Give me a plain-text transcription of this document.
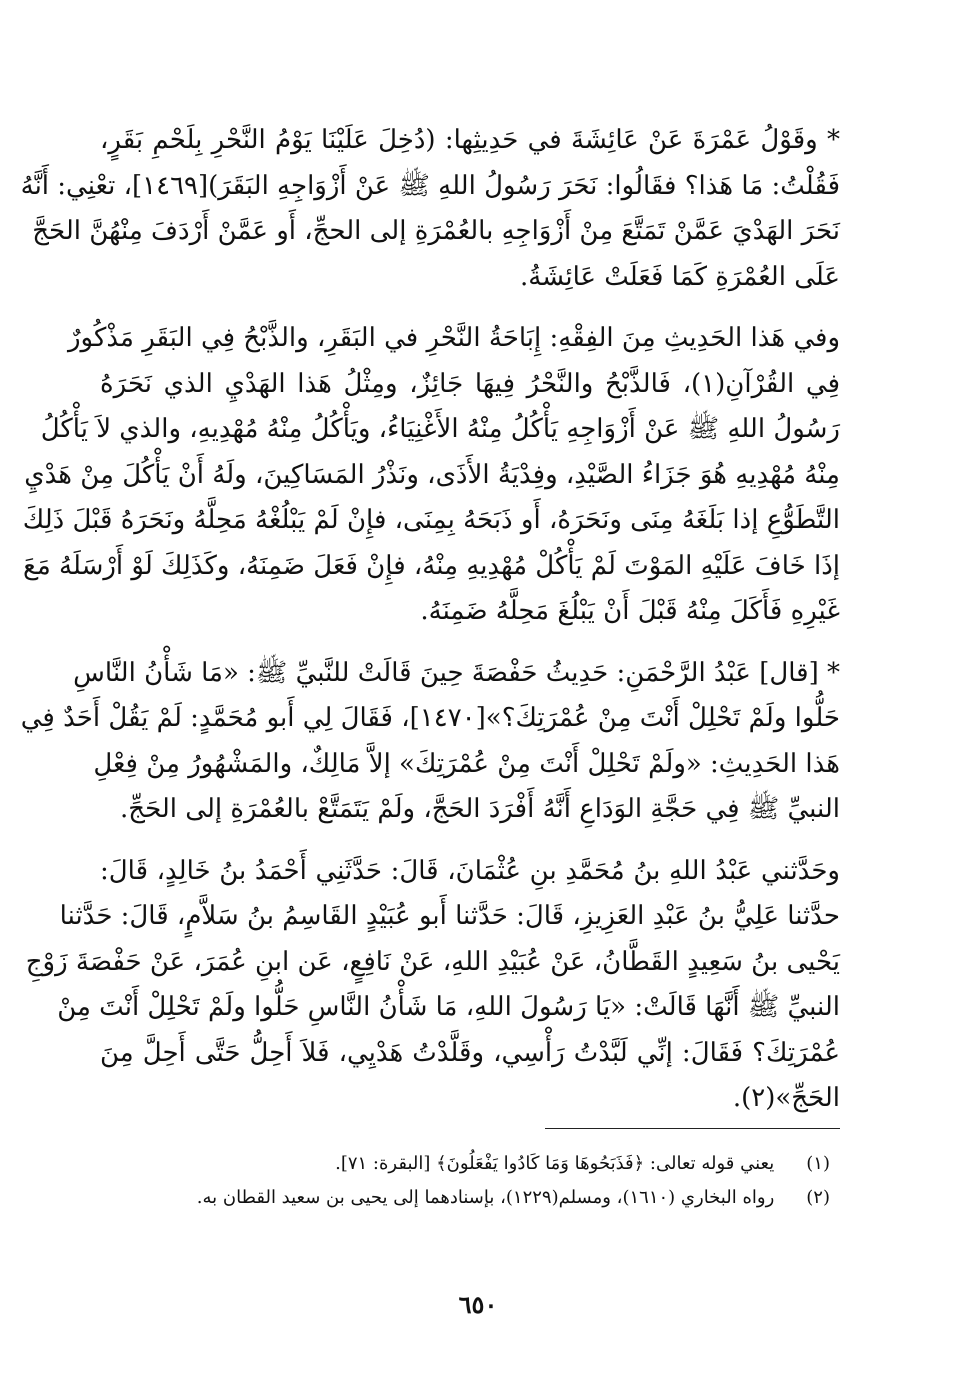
* وقَوْلُ عَمْرَةَ عَنْ عَائِشَةَ في حَدِيثِها: (دُخِلَ عَلَيْنَا يَوْمُ النَّحْرِ بِلَحْمِ بَقَرٍ،
فَقُلْتُ: مَا هَذا؟ فقَالُوا: نَحَرَ رَسُولُ اللهِ ﷺ عَنْ أَزْوَاجِهِ البَقَرَ)[١٤٦٩]، تعْنِي: أَنَّهُ
نَحَرَ الهَدْيَ عَمَّنْ تَمَتَّعَ مِنْ أَزْوَاجِهِ بالعُمْرَةِ إلى الحجِّ، أَو عَمَّنْ أَرْدَفَ مِنْهُنَّ الحَجَّ
عَلَى العُمْرَةِ كَمَا فَعَلَتْ عَائِشَةُ.

وفي هَذا الحَدِيثِ مِنَ الفِقْهِ: إِبَاحَةُ النَّحْرِ في البَقَرِ، والذَّبْحُ فِي البَقَرِ مَذْكُورٌ
فِي القُرْآنِ(١)، فَالذَّبْحُ والنَّحْرُ فِيهَا جَائِزٌ، ومِثْلُ هَذا الهَدْيِ الذي نَحَرَهُ
رَسُولُ اللهِ ﷺ عَنْ أَزْوَاجِهِ يَأْكُلُ مِنْهُ الأَغْنِيَاءُ، ويَأْكُلُ مِنْهُ مُهْدِيهِ، والذي لاَ يَأْكُلُ
مِنْهُ مُهْدِيهِ هُوَ جَزَاءُ الصَّيْدِ، وفِدْيَةُ الأَذَى، ونَذْرُ المَسَاكِينَ، ولَهُ أَنْ يَأْكُلَ مِنْ هَدْيِ
التَّطَوُّعِ إذا بَلَغَهُ مِنَى ونَحَرَهُ، أَو ذَبَحَهُ بِمِنَى، فإِنْ لَمْ يَبْلُغْهُ مَحِلَّهُ ونَحَرَهُ قَبْلَ ذَلِكَ
إذَا خَافَ عَلَيْهِ المَوْتَ لَمْ يَأْكُلْ مُهْدِيهِ مِنْهُ، فإِنْ فَعَلَ ضَمِنَهُ، وكَذَلِكَ لَوْ أَرْسَلَهُ مَعَ
غَيْرِهِ فَأَكَلَ مِنْهُ قَبْلَ أَنْ يَبْلُغَ مَحِلَّهُ ضَمِنَهُ.

* [قال] عَبْدُ الرَّحْمَنِ: حَدِيثُ حَفْصَةَ حِينَ قَالَتْ للنَّبيِّ ﷺ: «مَا شَأْنُ النَّاسِ
حَلُّوا ولَمْ تَحْلِلْ أَنْتَ مِنْ عُمْرَتِكَ؟»[١٤٧٠]، فَقَالَ لِي أَبو مُحَمَّدٍ: لَمْ يَقُلْ أَحَدٌ فِي
هَذا الحَدِيثِ: «ولَمْ تَحْلِلْ أَنْتَ مِنْ عُمْرَتِكَ» إلاَّ مَالِكٌ، والمَشْهُورُ مِنْ فِعْلِ
النبيِّ ﷺ فِي حَجَّةِ الوَدَاعِ أَنَّهُ أَفْرَدَ الحَجَّ، ولَمْ يَتَمَتَّعْ بالعُمْرَةِ إلى الحَجِّ.

وحَدَّثني عَبْدُ اللهِ بنُ مُحَمَّدِ بنِ عُثْمَانَ، قَالَ: حَدَّثَنِي أَحْمَدُ بنُ خَالِدٍ، قَالَ:
حدَّثنا عَلِيُّ بنُ عَبْدِ العَزِيزِ، قَالَ: حَدَّثنا أَبو عُبَيْدٍ القَاسِمُ بنُ سَلاَّمٍ، قَالَ: حَدَّثنا
يَحْيى بنُ سَعِيدٍ القَطَّانُ، عَنْ عُبَيْدِ اللهِ، عَنْ نَافِعٍ، عَن ابنِ عُمَرَ، عَنْ حَفْصَةَ زَوْجِ
النبيِّ ﷺ أَنَّهَا قَالَتْ: «يَا رَسُولَ اللهِ، مَا شَأْنُ النَّاسِ حَلُّوا ولَمْ تَحْلِلْ أَنْتَ مِنْ
عُمْرَتِكَ؟ فَقَالَ: إنِّي لَبَّدْتُ رَأْسِي، وقَلَّدْتُ هَدْيِي، فَلاَ أَحِلُّ حَتَّى أَحِلَّ مِنَ
الحَجِّ»(٢).

(١) يعني قوله تعالى: ﴿فَذَبَحُوهَا وَمَا كَادُوا يَفْعَلُونَ﴾ [البقرة: ٧١].
(٢) رواه البخاري (١٦١٠)، ومسلم(١٢٢٩)، بإسنادهما إلى يحيى بن سعيد القطان به.
٦٥٠
